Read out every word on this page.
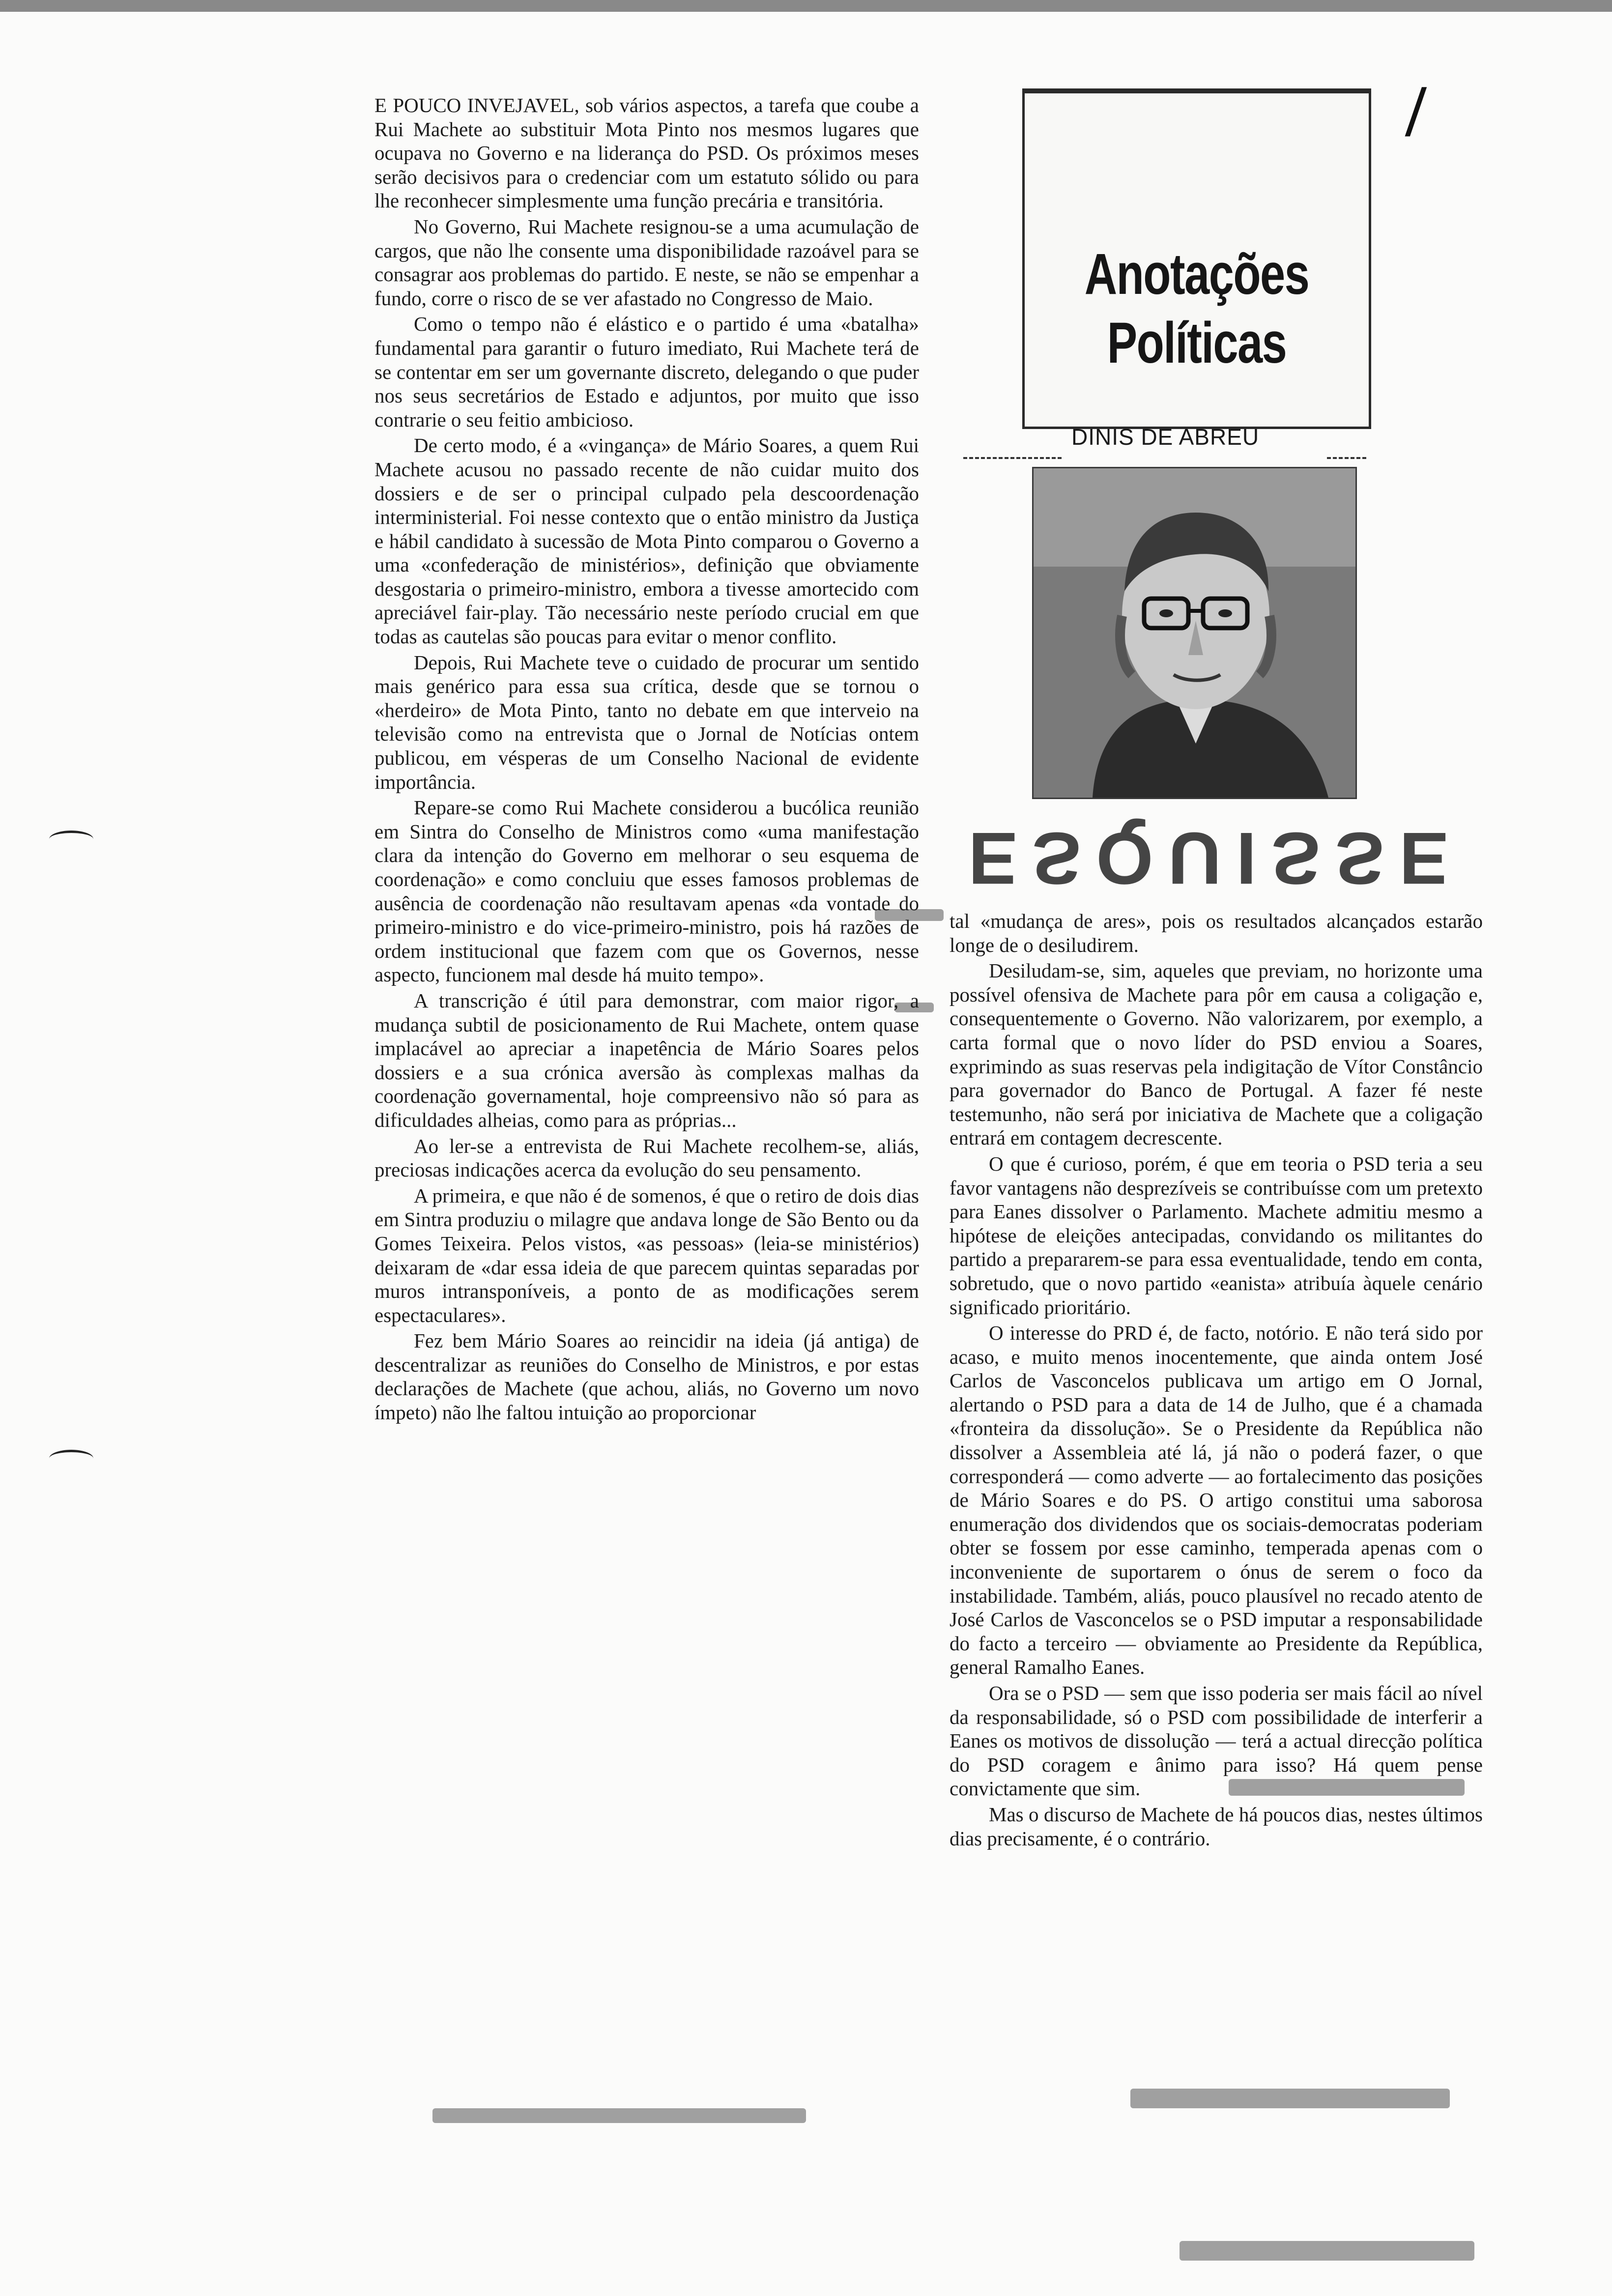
/

E POUCO INVEJAVEL, sob vários aspectos, a tarefa que coube a Rui Machete ao substituir Mota Pinto nos mesmos lugares que ocupava no Governo e na liderança do PSD. Os próximos meses serão decisivos para o credenciar com um estatuto sólido ou para lhe reconhecer simplesmente uma função precária e transitória.

No Governo, Rui Machete resignou-se a uma acumulação de cargos, que não lhe consente uma disponibilidade razoável para se consagrar aos problemas do partido. E neste, se não se empenhar a fundo, corre o risco de se ver afastado no Congresso de Maio.

Como o tempo não é elástico e o partido é uma «batalha» fundamental para garantir o futuro imediato, Rui Machete terá de se contentar em ser um governante discreto, delegando o que puder nos seus secretários de Estado e adjuntos, por muito que isso contrarie o seu feitio ambicioso.

De certo modo, é a «vingança» de Mário Soares, a quem Rui Machete acusou no passado recente de não cuidar muito dos dossiers e de ser o principal culpado pela descoordenação interministerial. Foi nesse contexto que o então ministro da Justiça e hábil candidato à sucessão de Mota Pinto comparou o Governo a uma «confederação de ministérios», definição que obviamente desgostaria o primeiro-ministro, embora a tivesse amortecido com apreciável fair-play. Tão necessário neste período crucial em que todas as cautelas são poucas para evitar o menor conflito.

Depois, Rui Machete teve o cuidado de procurar um sentido mais genérico para essa sua crítica, desde que se tornou o «herdeiro» de Mota Pinto, tanto no debate em que interveio na televisão como na entrevista que o Jornal de Notícias ontem publicou, em vésperas de um Conselho Nacional de evidente importância.

Repare-se como Rui Machete considerou a bucólica reunião em Sintra do Conselho de Ministros como «uma manifestação clara da intenção do Governo em melhorar o seu esquema de coordenação» e como concluiu que esses famosos problemas de ausência de coordenação não resultavam apenas «da vontade do primeiro-ministro e do vice-primeiro-ministro, pois há razões de ordem institucional que fazem com que os Governos, nesse aspecto, funcionem mal desde há muito tempo».

A transcrição é útil para demonstrar, com maior rigor, a mudança subtil de posicionamento de Rui Machete, ontem quase implacável ao apreciar a inapetência de Mário Soares pelos dossiers e a sua crónica aversão às complexas malhas da coordenação governamental, hoje compreensivo não só para as dificuldades alheias, como para as próprias...

Ao ler-se a entrevista de Rui Machete recolhem-se, aliás, preciosas indicações acerca da evolução do seu pensamento.

A primeira, e que não é de somenos, é que o retiro de dois dias em Sintra produziu o milagre que andava longe de São Bento ou da Gomes Teixeira. Pelos vistos, «as pessoas» (leia-se ministérios) deixaram de «dar essa ideia de que parecem quintas separadas por muros intransponíveis, a ponto de as modificações serem espectaculares».

Fez bem Mário Soares ao reincidir na ideia (já antiga) de descentralizar as reuniões do Conselho de Ministros, e por estas declarações de Machete (que achou, aliás, no Governo um novo ímpeto) não lhe faltou intuição ao proporcionar

Anotações
Políticas
DINIS DE ABREU
ESQUISSE

tal «mudança de ares», pois os resultados alcançados estarão longe de o desiludirem.

Desiludam-se, sim, aqueles que previam, no horizonte uma possível ofensiva de Machete para pôr em causa a coligação e, consequentemente o Governo. Não valorizarem, por exemplo, a carta formal que o novo líder do PSD enviou a Soares, exprimindo as suas reservas pela indigitação de Vítor Constâncio para governador do Banco de Portugal. A fazer fé neste testemunho, não será por iniciativa de Machete que a coligação entrará em contagem decrescente.

O que é curioso, porém, é que em teoria o PSD teria a seu favor vantagens não desprezíveis se contribuísse com um pretexto para Eanes dissolver o Parlamento. Machete admitiu mesmo a hipótese de eleições antecipadas, convidando os militantes do partido a prepararem-se para essa eventualidade, tendo em conta, sobretudo, que o novo partido «eanista» atribuía àquele cenário significado prioritário.

O interesse do PRD é, de facto, notório. E não terá sido por acaso, e muito menos inocentemente, que ainda ontem José Carlos de Vasconcelos publicava um artigo em O Jornal, alertando o PSD para a data de 14 de Julho, que é a chamada «fronteira da dissolução». Se o Presidente da República não dissolver a Assembleia até lá, já não o poderá fazer, o que corresponderá — como adverte — ao fortalecimento das posições de Mário Soares e do PS. O artigo constitui uma saborosa enumeração dos dividendos que os sociais-democratas poderiam obter se fossem por esse caminho, temperada apenas com o inconveniente de suportarem o ónus de serem o foco da instabilidade. Também, aliás, pouco plausível no recado atento de José Carlos de Vasconcelos se o PSD imputar a responsabilidade do facto a terceiro — obviamente ao Presidente da República, general Ramalho Eanes.

Ora se o PSD — sem que isso poderia ser mais fácil ao nível da responsabilidade, só o PSD com possibilidade de interferir a Eanes os motivos de dissolução — terá a actual direcção política do PSD coragem e ânimo para isso? Há quem pense convictamente que sim.

Mas o discurso de Machete de há poucos dias, nestes últimos dias precisamente, é o contrário.
